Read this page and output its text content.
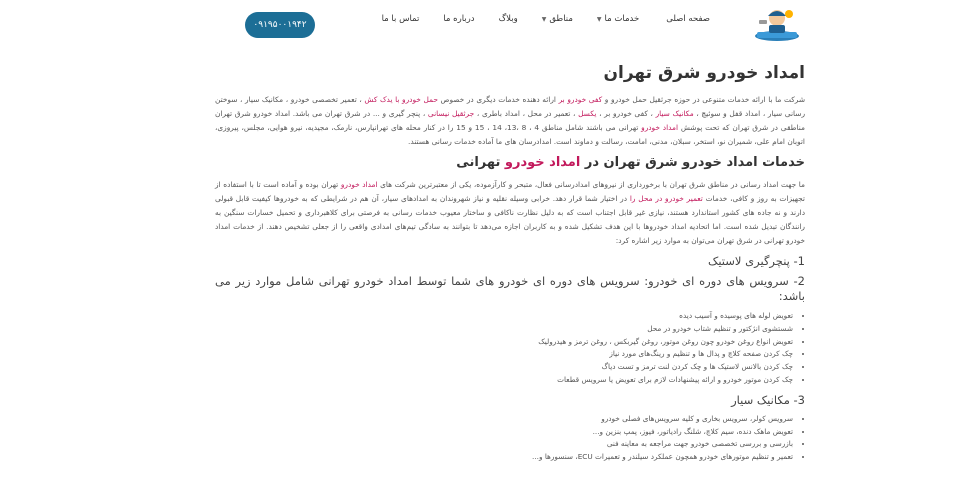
صفحه اصلی
خدمات ما
▼
مناطق
▼
وبلاگ
درباره ما
تماس با ما
۰۹۱۹۵۰۰۱۹۴۲
امداد خودرو شرق تهران

شرکت ما با ارائه خدمات متنوعی در حوزه جرثقیل حمل خودرو و کفی خودرو بر ارائه دهنده خدمات دیگری در خصوص حمل خودرو با یدک کش ، تعمیر تخصصی خودرو ، مکانیک سیار ، سوختن رسانی سیار ، امداد قفل و سوئیچ ، مکانیک سیار ، کفی خودرو بر ، یکسل ، تعمیر در محل ، امداد باطری ، جرثقیل نیسانی ، پنچر گیری و ... در شرق تهران می باشد. امداد خودرو شرق تهران مناطقی در شرق تهران که تحت پوشش امداد خودرو تهرانی می باشند شامل مناطق 4 ، 8 ،13، 14 ، 15 و 15 را در کنار محله های تهرانپارس، نارمک، مجیدیه، نیرو هوایی، مجلس، پیروزی، اتوبان امام علی، شمیران نو، استخر، سبلان، مدنی، امامت، رسالت و دماوند است. امدادرسان های ما آماده خدمات رسانی هستند.

خدمات امداد خودرو شرق تهران در امداد خودرو تهرانی

ما جهت امداد رسانی در مناطق شرق تهران با برخورداری از نیروهای امدادرسانی فعال، متبحر و کارآزموده، یکی از معتبرترین شرکت های امداد خودرو تهران بوده و آماده است تا با استفاده از تجهیزات به روز و کافی، خدمات تعمیر خودرو در محل را در اختیار شما قرار دهد. خرابی وسیله نقلیه و نیاز شهروندان به امدادهای سیار، آن هم در شرایطی که به خودروها کیفیت قابل قبولی دارند و نه جاده های کشور استاندارد هستند، نیازی غیر قابل اجتناب است که به دلیل نظارت ناکافی و ساختار معیوب خدمات رسانی به فرصتی برای کلاهبرداری و تحمیل خسارات سنگین به رانندگان تبدیل شده است. اما اتحادیه امداد خودروها با این هدف تشکیل شده و به کاربران اجازه می‌دهد تا بتوانند به سادگی تیم‌های امدادی واقعی را از جعلی تشخیص دهند. از خدمات امداد خودرو تهرانی در شرق تهران می‌توان به موارد زیر اشاره کرد:

1- پنچرگیری لاستیک
2- سرویس های دوره ای خودرو: سرویس های دوره ای خودرو های شما توسط امداد خودرو تهرانی شامل موارد زیر می باشد:
• تعویض لوله های پوسیده و آسیب دیده
• شستشوی انژکتور و تنظیم شتاب خودرو در محل
• تعویض انواع روغن خودرو چون روغن موتور، روغن گیربکس ، روغن ترمز و هیدرولیک
• چک کردن صفحه کلاچ و پدال ها و تنظیم و رینگ‌های مورد نیاز
• چک کردن بالانس لاستیک ها و چک کردن لنت ترمز و تست دیاگ
• چک کردن موتور خودرو و ارائه پیشنهادات لازم برای تعویض یا سرویس قطعات
3- مکانیک سیار
• سرویس کولر، سرویس بخاری و کلیه سرویس‌های فصلی خودرو
• تعویض ماهک دنده، سیم کلاچ، شلنگ رادیاتور، فیوز، پمپ بنزین و...
• بازرسی و بررسی تخصصی خودرو جهت مراجعه به معاینه فنی
• تعمیر و تنظیم موتورهای خودرو همچون عملکرد سیلندر و تعمیرات ECU، سنسورها و...
